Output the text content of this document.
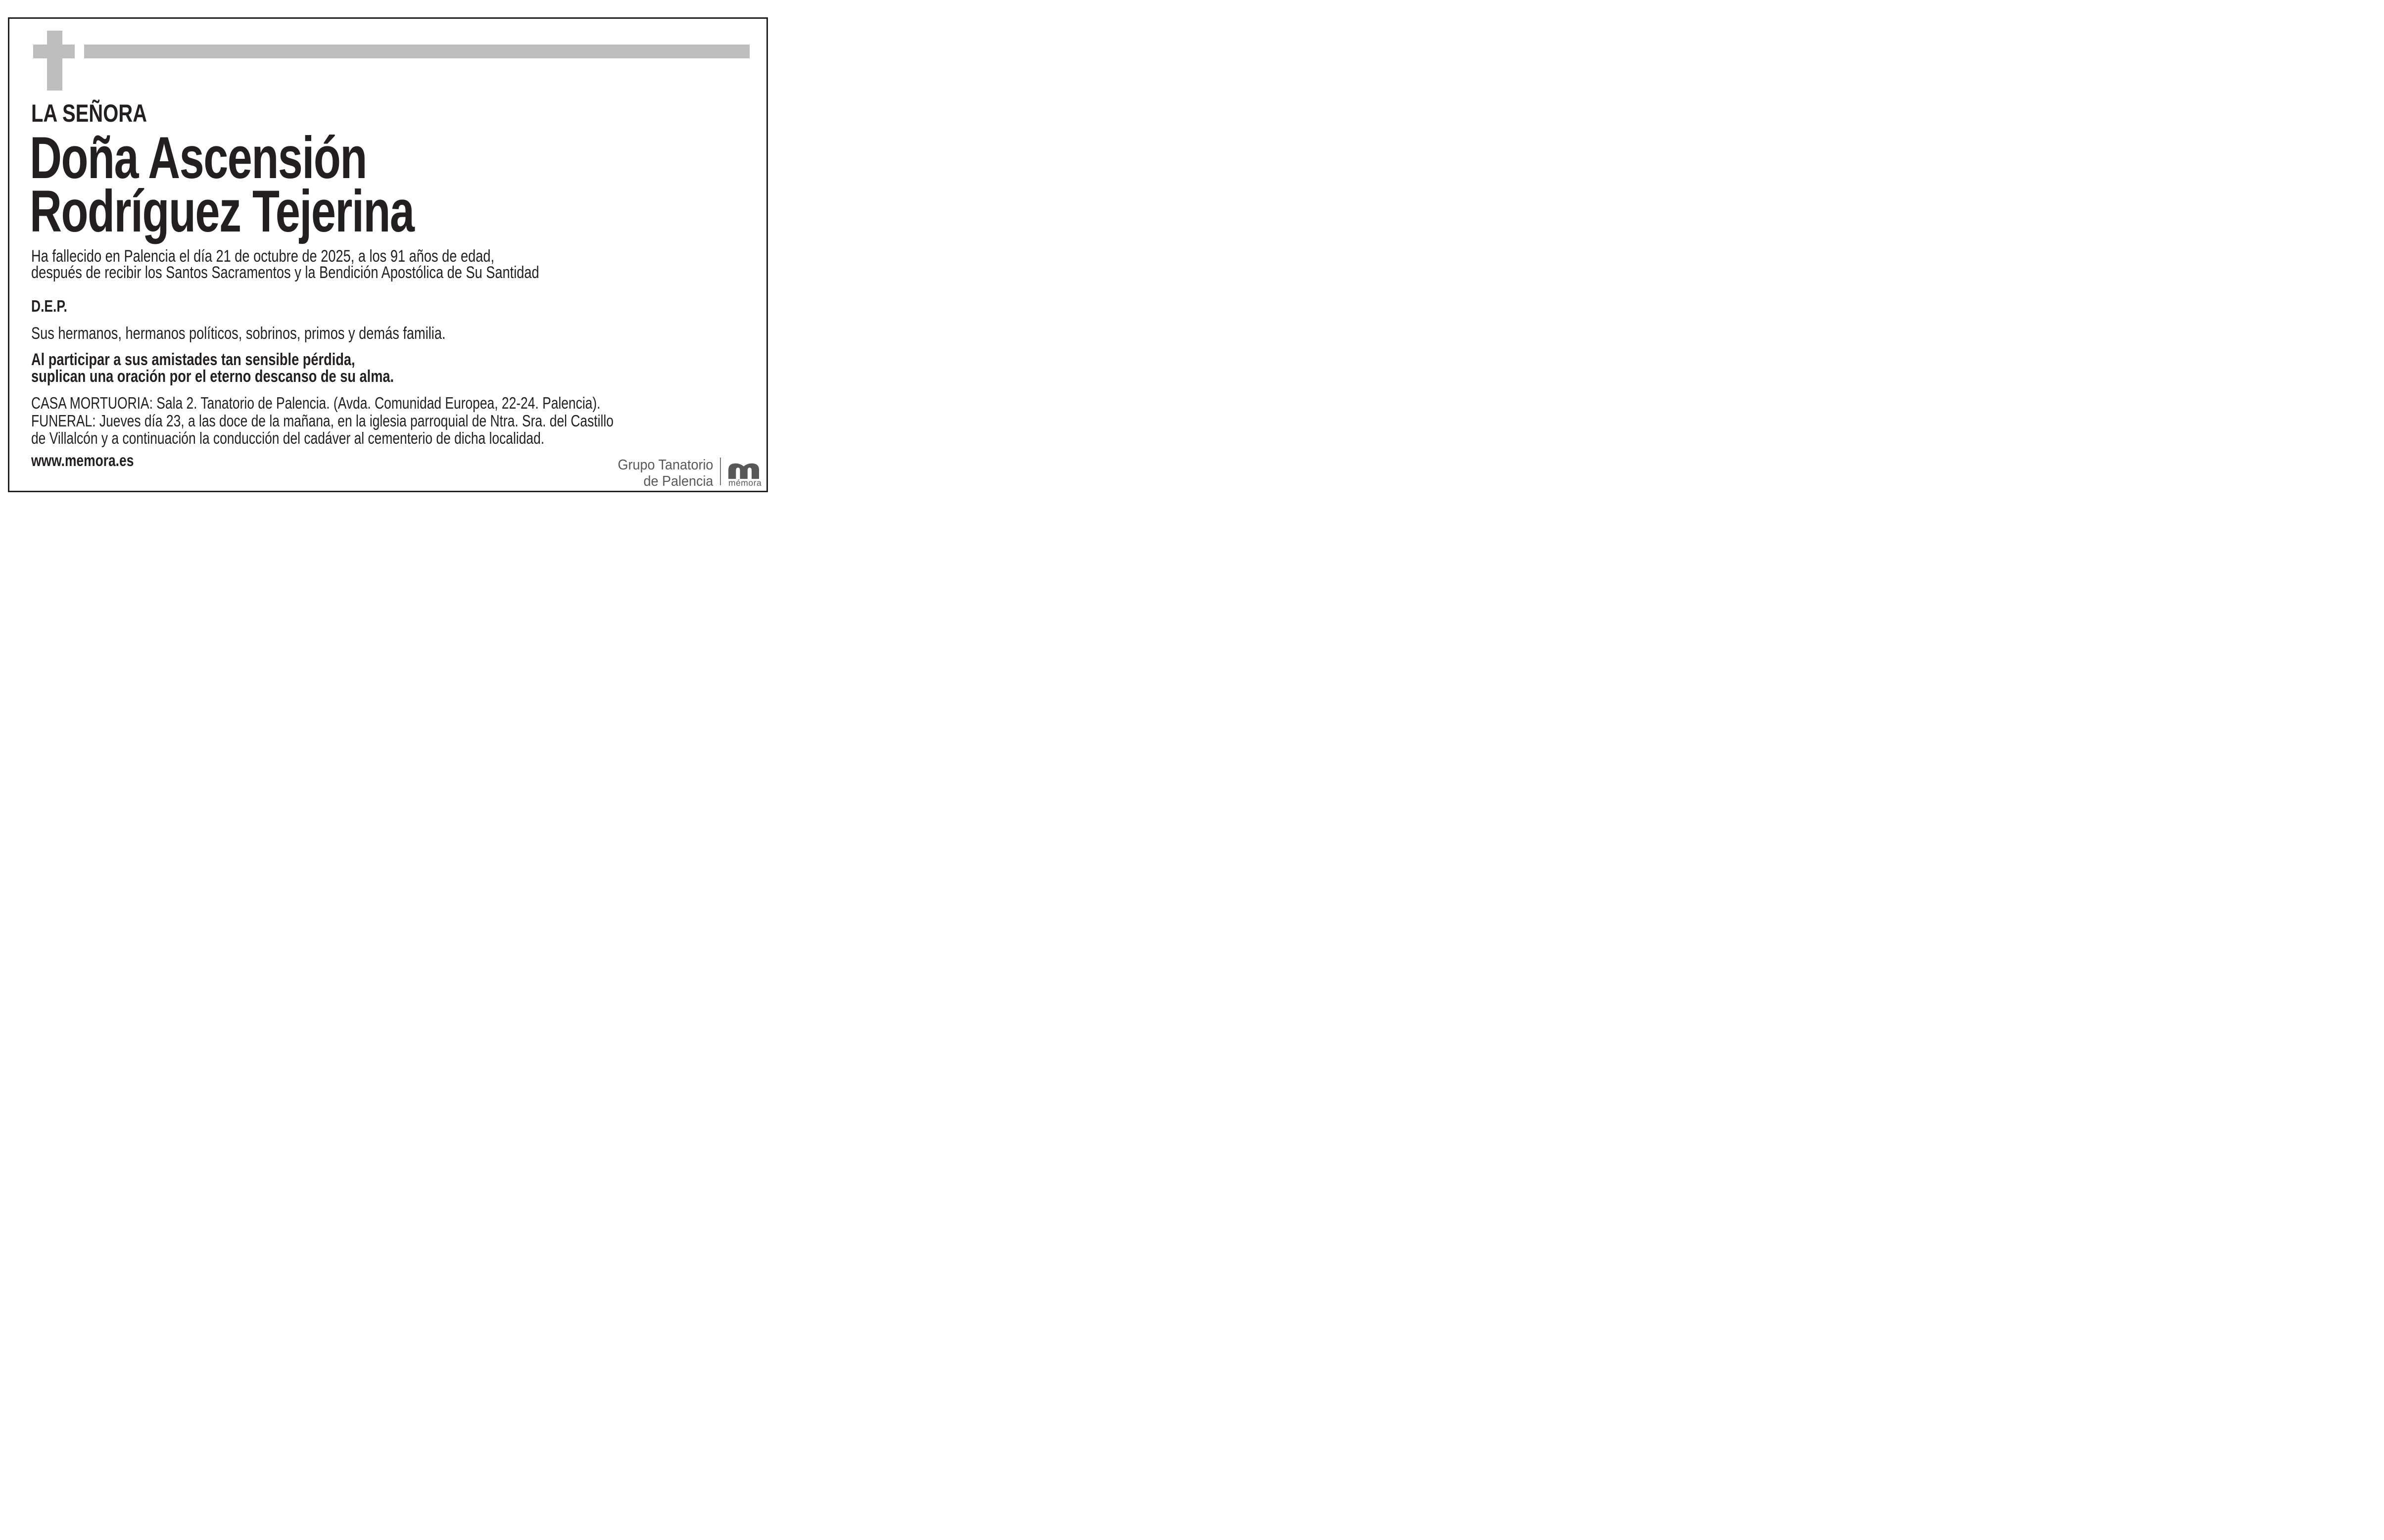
LA SEÑORA
Doña Ascensión
Rodríguez Tejerina
Ha fallecido en Palencia el día 21 de octubre de 2025, a los 91 años de edad,
después de recibir los Santos Sacramentos y la Bendición Apostólica de Su Santidad
D.E.P.
Sus hermanos, hermanos políticos, sobrinos, primos y demás familia.
Al participar a sus amistades tan sensible pérdida,
suplican una oración por el eterno descanso de su alma.
CASA MORTUORIA: Sala 2. Tanatorio de Palencia. (Avda. Comunidad Europea, 22-24. Palencia).
FUNERAL: Jueves día 23, a las doce de la mañana, en la iglesia parroquial de Ntra. Sra. del Castillo
de Villalcón y a continuación la conducción del cadáver al cementerio de dicha localidad.
www.memora.es	Grupo Tanatorio
de Palencia mémora
